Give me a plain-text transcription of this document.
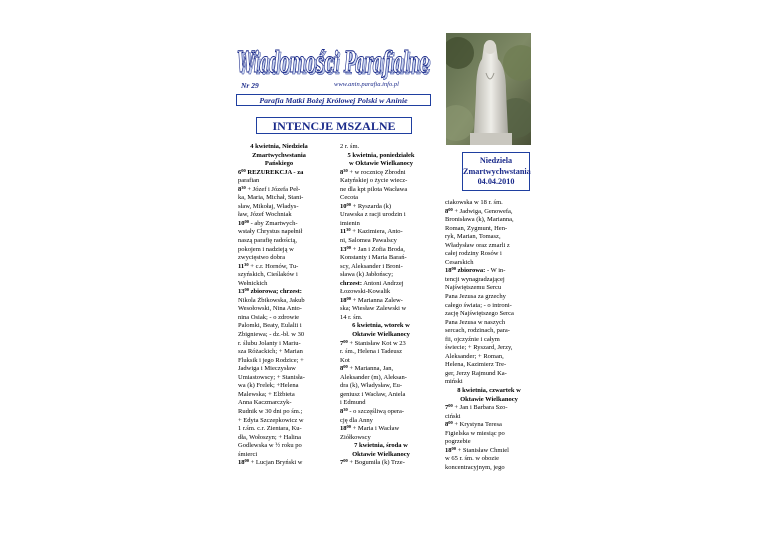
Wiadomości Parafialne
Wiadomości Parafialne
Nr 29	www.anin.parafia.info.pl
Parafia Matki Bożej Królowej Polski w Aninie
INTENCJE MSZALNE
Niedziela
Zmartwychwstania
04.04.2010
4 kwietnia, Niedziela
Zmartwychwstania
Pańskiego
$6^{00}$ REZUREKCJA - za
parafian
$8^{30}$ + Józef i Józefa Peł-
ka, Maria, Michał, Stani-
sław, Mikołaj, Władys-
ław, Józef Wochniak
$10^{00}$ - aby Zmartwych-
wstały Chrystus napełnił
naszą parafię radością,
pokojem i nadzieją w
zwycięstwo dobra
$11^{30} + c.r$. Hornów, Tu-
szyńskich, Cieślaków i
Wełnickich
$13^{00}$ zbiorowa; chrzest:
Nikola Żbikowska, Jakub
Wesołowski, Nina Anto-
nina Osiak; - o zdrowie
Palomki, Beaty, Eulalii i
Zbigniewa; - dz.-bł. w 30
r. ślubu Jolanty i Mariu-
sza Różackich; + Marian
Fluksik i jego Rodzice; +
Jadwiga i Mieczysław
Umiastowscy; + Stanisła-
wa (k) Frelek; +Helena
Malewska; + Elżbieta
Anna Kaczmarczyk-
Rudnik w 30 dni po śm.;
+ Edyta Szczepkowicz w
1 r.śm. c.r. Zientara, Ku-
dła, Wołoszyn; + Halina
Godlewska w ½ roku po
śmierci
$18^{00}$ + Lucjan Bryński w
2 r. śm.
5 kwietnia, poniedziałek
w Oktawie Wielkanocy
$8^{30} + w$ rocznicę Zbrodni
Katyńskiej o życie wiecz-
ne dla kpt pilota Wacława
Cecota
$10^{00}$ + Ryszarda (k)
Urawska z racji urodzin i
imienin
$11^{30}$ + Kazimiera, Anto-
ni, Salomea Pawalscy
$13^{00}$ + Jan i Zofia Broda,
Konstanty i Maria Barań-
scy, Aleksander i Broni-
sława (k) Jabłońscy;
chrzest: Antoni Andrzej
Łozowski-Kowalik
$18^{00}$ + Marianna Zalew-
ska; Wiesław Zalewski w
14 r. śm.
6 kwietnia, wtorek w
Oktawie Wielkanocy
$7^{00}$ + Stanisław Kot w 23
r. śm., Helena i Tadeusz
Kot
$8^{00}$ + Marianna, Jan,
Aleksander (m), Aleksan-
dra (k), Władysław, Eu-
geniusz i Wacław, Aniela
i Edmund
$8^{30}$ - o szczęśliwą opera-
cję dla Anny
$18^{00}$ + Maria i Wacław
Ziółkowscy
7 kwietnia, środa w
Oktawie Wielkanocy
$7^{00}$ + Bogumiła (k) Trze-
ciakowska w 18 r. śm.
$8^{00}$ + Jadwiga, Genowefa,
Bronisława (k), Marianna,
Roman, Zygmunt, Hen-
ryk, Marian, Tomasz,
Władysław oraz zmarli z
całej rodziny Rosów i
Cesarskich
$18^{00}$ zbiorowa: - W in-
tencji wynagradzającej
Najświętszemu Sercu
Pana Jezusa za grzechy
całego świata; - o introni-
zację Najświętszego Serca
Pana Jezusa w naszych
sercach, rodzinach, para-
fii, ojczyźnie i całym
świecie; + Ryszard, Jerzy,
Aleksander; + Roman,
Helena, Kazimierz Tre-
ger, Jerzy Rajmund Ka-
miński
8 kwietnia, czwartek w
Oktawie Wielkanocy
$7^{00}$ + Jan i Barbara Szo-
ciński
$8^{00}$ + Krystyna Teresa
Figielska w miesiąc po
pogrzebie
$18^{00}$ + Stanisław Chmiel
w 65 r. śm. w obozie
koncentracyjnym, jego
